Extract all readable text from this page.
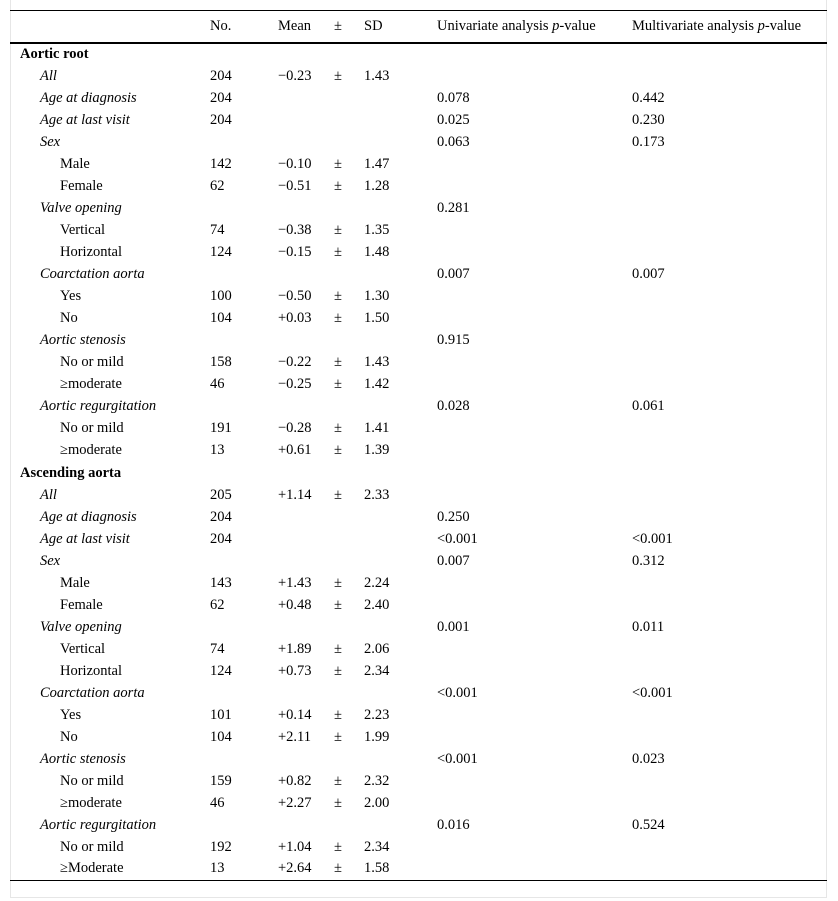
	No.	Mean	±	SD	Univariate analysis p-value	Multivariate analysis p-value
Aortic root						
All	204	−0.23	±	1.43		
Age at diagnosis	204				0.078	0.442
Age at last visit	204				0.025	0.230
Sex					0.063	0.173
Male	142	−0.10	±	1.47		
Female	62	−0.51	±	1.28		
Valve opening					0.281	
Vertical	74	−0.38	±	1.35		
Horizontal	124	−0.15	±	1.48		
Coarctation aorta					0.007	0.007
Yes	100	−0.50	±	1.30		
No	104	+0.03	±	1.50		
Aortic stenosis					0.915	
No or mild	158	−0.22	±	1.43		
≥moderate	46	−0.25	±	1.42		
Aortic regurgitation					0.028	0.061
No or mild	191	−0.28	±	1.41		
≥moderate	13	+0.61	±	1.39		
Ascending aorta						
All	205	+1.14	±	2.33		
Age at diagnosis	204				0.250	
Age at last visit	204				<0.001	<0.001
Sex					0.007	0.312
Male	143	+1.43	±	2.24		
Female	62	+0.48	±	2.40		
Valve opening					0.001	0.011
Vertical	74	+1.89	±	2.06		
Horizontal	124	+0.73	±	2.34		
Coarctation aorta					<0.001	<0.001
Yes	101	+0.14	±	2.23		
No	104	+2.11	±	1.99		
Aortic stenosis					<0.001	0.023
No or mild	159	+0.82	±	2.32		
≥moderate	46	+2.27	±	2.00		
Aortic regurgitation					0.016	0.524
No or mild	192	+1.04	±	2.34		
≥Moderate	13	+2.64	±	1.58		
